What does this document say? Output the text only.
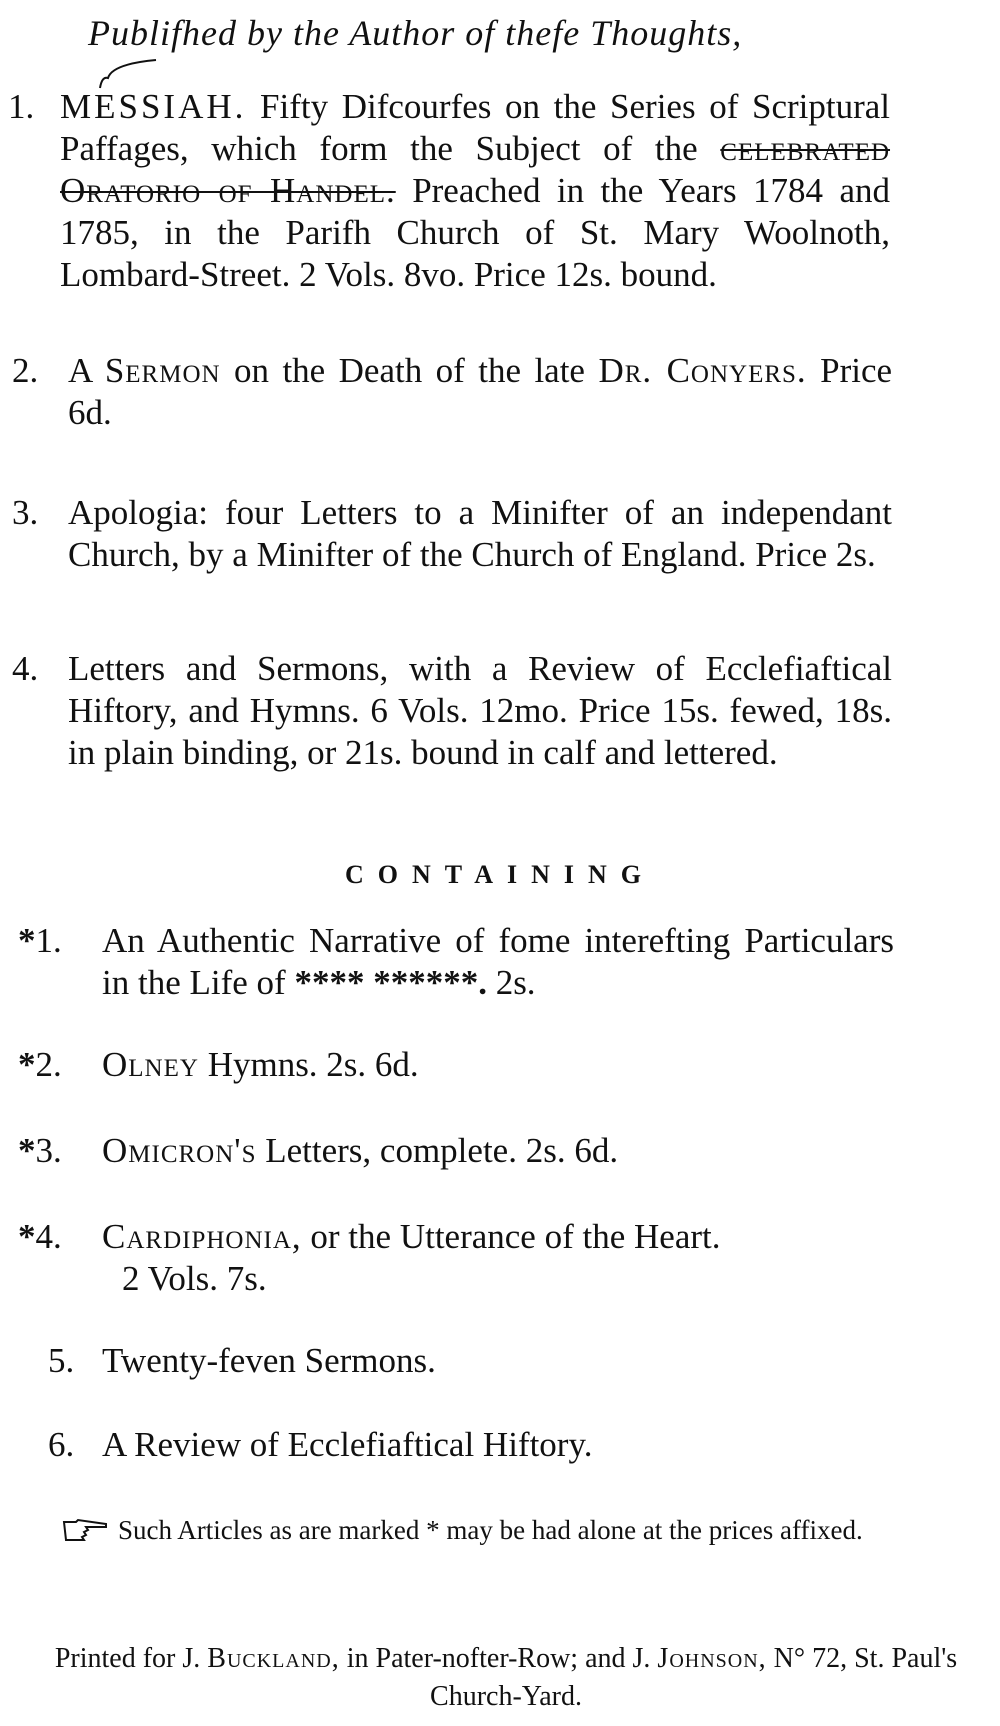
Publifhed by the Author of thefe Thoughts,
1. MESSIAH. Fifty Difcourfes on the Series of Scriptural Paffages, which form the Subject of the celebrated Oratorio of Handel. Preached in the Years 1784 and 1785, in the Parifh Church of St. Mary Woolnoth, Lombard-Street. 2 Vols. 8vo. Price 12s. bound.
2. A Sermon on the Death of the late Dr. Conyers. Price 6d.
3. Apologia: four Letters to a Minifter of an independant Church, by a Minifter of the Church of England. Price 2s.
4. Letters and Sermons, with a Review of Ecclefiaftical Hiftory, and Hymns. 6 Vols. 12mo. Price 15s. fewed, 18s. in plain binding, or 21s. bound in calf and lettered.
CONTAINING
*1.	An Authentic Narrative of fome interefting Particulars in the Life of **** ******. 2s.
*2.	Olney Hymns. 2s. 6d.
*3.	Omicron's Letters, complete. 2s. 6d.
*4.	Cardiphonia, or the Utterance of the Heart.
2 Vols. 7s.
5. Twenty-feven Sermons.
6. A Review of Ecclefiaftical Hiftory.
Such Articles as are marked * may be had alone at the prices affixed.
Printed for J. Buckland, in Pater-nofter-Row; and J. Johnson, N° 72, St. Paul's Church-Yard.
